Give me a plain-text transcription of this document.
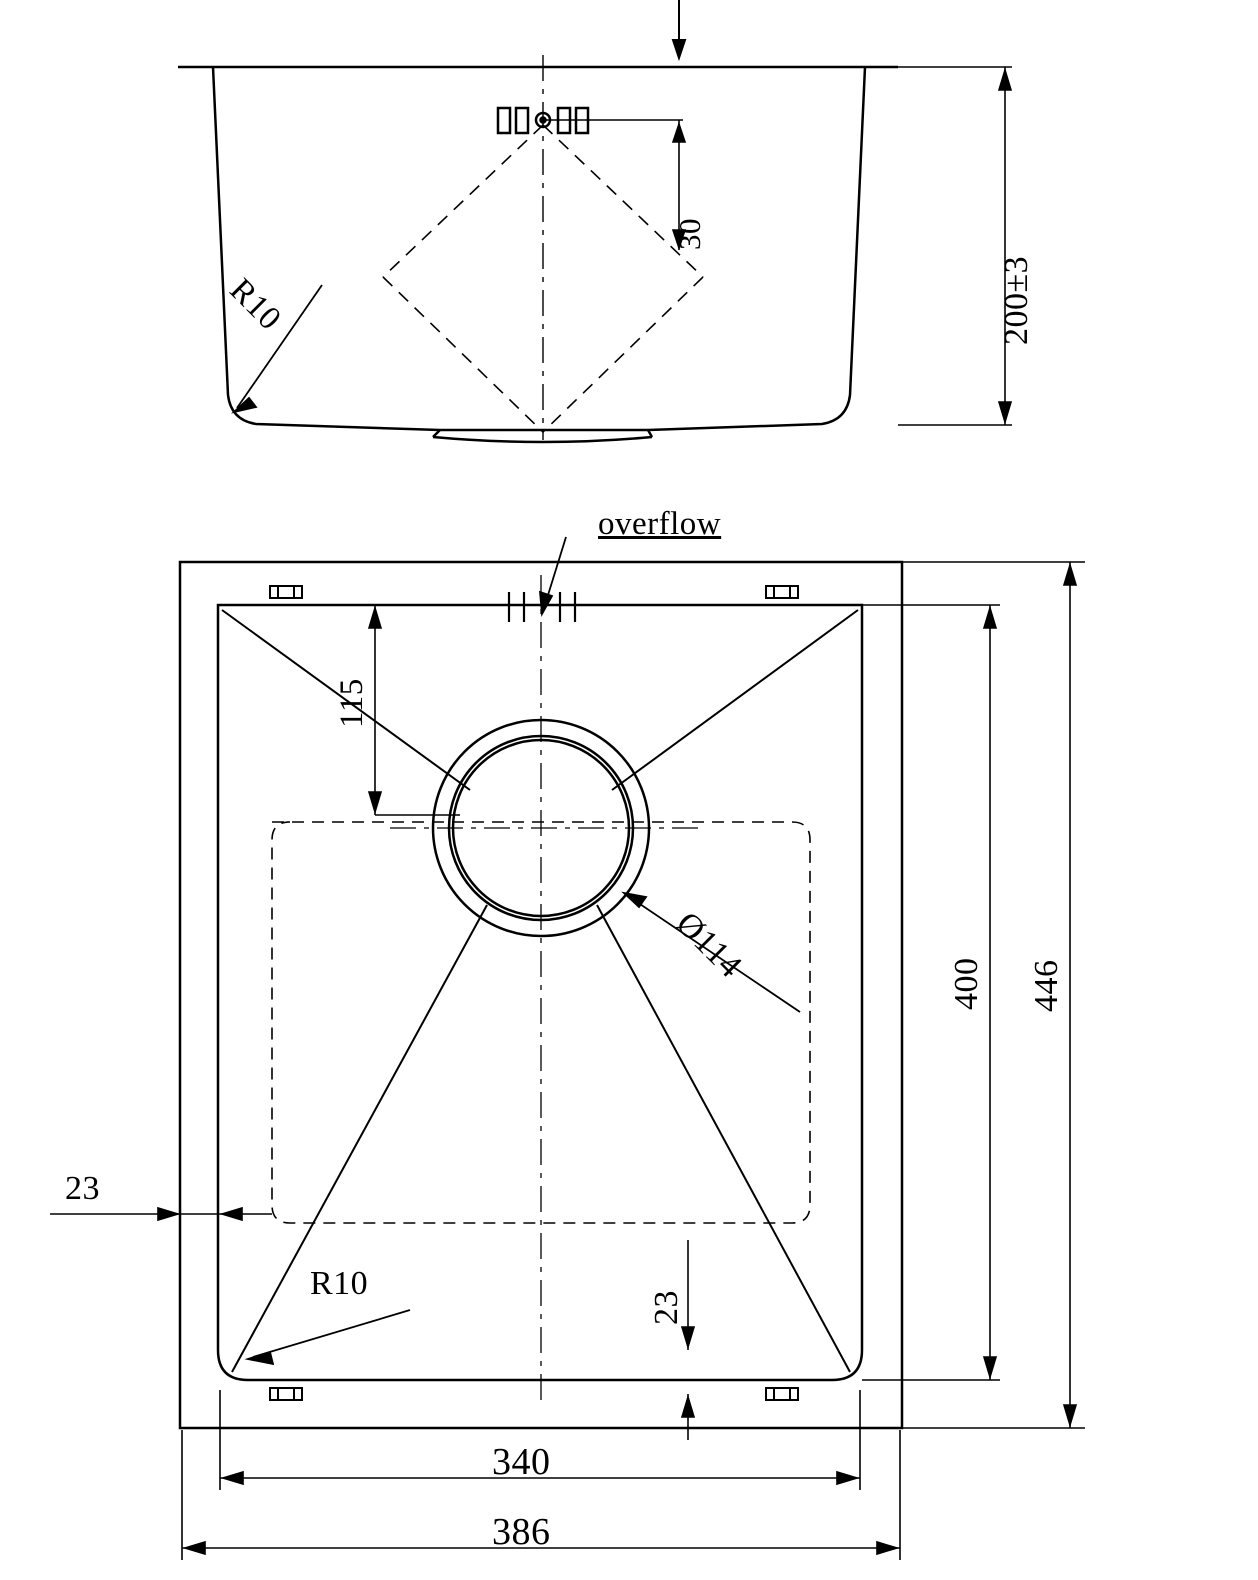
30
200±3
R10
overflow
115
Ø114	400 446
23
23
R10
340
386
